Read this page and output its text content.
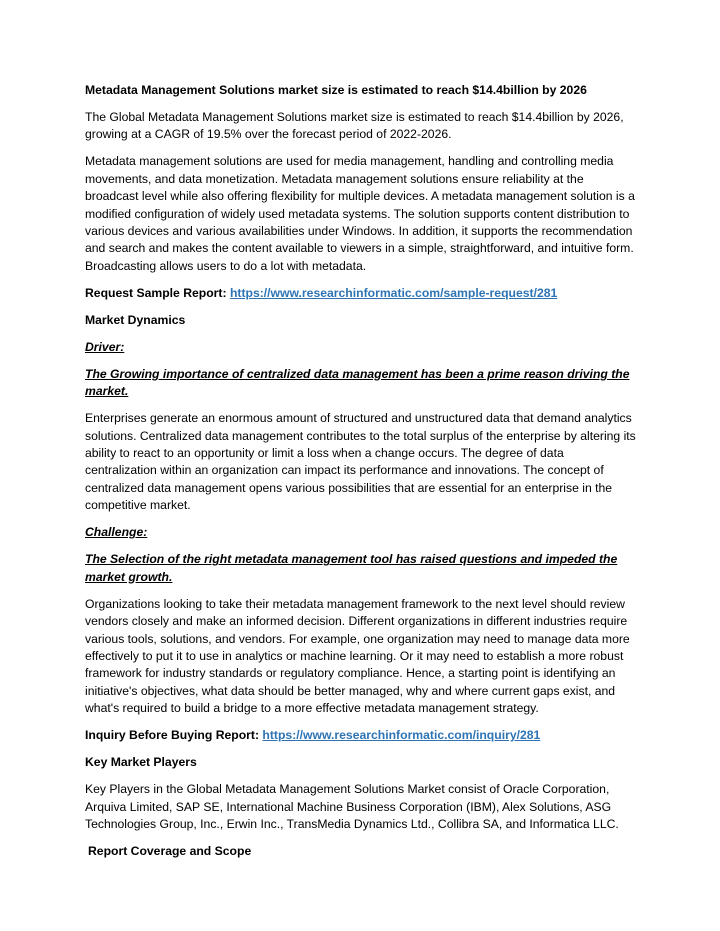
Metadata Management Solutions market size is estimated to reach $14.4billion by 2026

The Global Metadata Management Solutions market size is estimated to reach $14.4billion by 2026, growing at a CAGR of 19.5% over the forecast period of 2022-2026.

Metadata management solutions are used for media management, handling and controlling media movements, and data monetization. Metadata management solutions ensure reliability at the broadcast level while also offering flexibility for multiple devices. A metadata management solution is a modified configuration of widely used metadata systems. The solution supports content distribution to various devices and various availabilities under Windows. In addition, it supports the recommendation and search and makes the content available to viewers in a simple, straightforward, and intuitive form. Broadcasting allows users to do a lot with metadata.

Request Sample Report: https://www.researchinformatic.com/sample-request/281

Market Dynamics

Driver:

The Growing importance of centralized data management has been a prime reason driving the market.

Enterprises generate an enormous amount of structured and unstructured data that demand analytics solutions. Centralized data management contributes to the total surplus of the enterprise by altering its ability to react to an opportunity or limit a loss when a change occurs. The degree of data centralization within an organization can impact its performance and innovations. The concept of centralized data management opens various possibilities that are essential for an enterprise in the competitive market.

Challenge:

The Selection of the right metadata management tool has raised questions and impeded the market growth.

Organizations looking to take their metadata management framework to the next level should review vendors closely and make an informed decision. Different organizations in different industries require various tools, solutions, and vendors. For example, one organization may need to manage data more effectively to put it to use in analytics or machine learning. Or it may need to establish a more robust framework for industry standards or regulatory compliance. Hence, a starting point is identifying an initiative's objectives, what data should be better managed, why and where current gaps exist, and what's required to build a bridge to a more effective metadata management strategy.

Inquiry Before Buying Report: https://www.researchinformatic.com/inquiry/281

Key Market Players

Key Players in the Global Metadata Management Solutions Market consist of Oracle Corporation, Arquiva Limited, SAP SE, International Machine Business Corporation (IBM), Alex Solutions, ASG Technologies Group, Inc., Erwin Inc., TransMedia Dynamics Ltd., Collibra SA, and Informatica LLC.

Report Coverage and Scope
